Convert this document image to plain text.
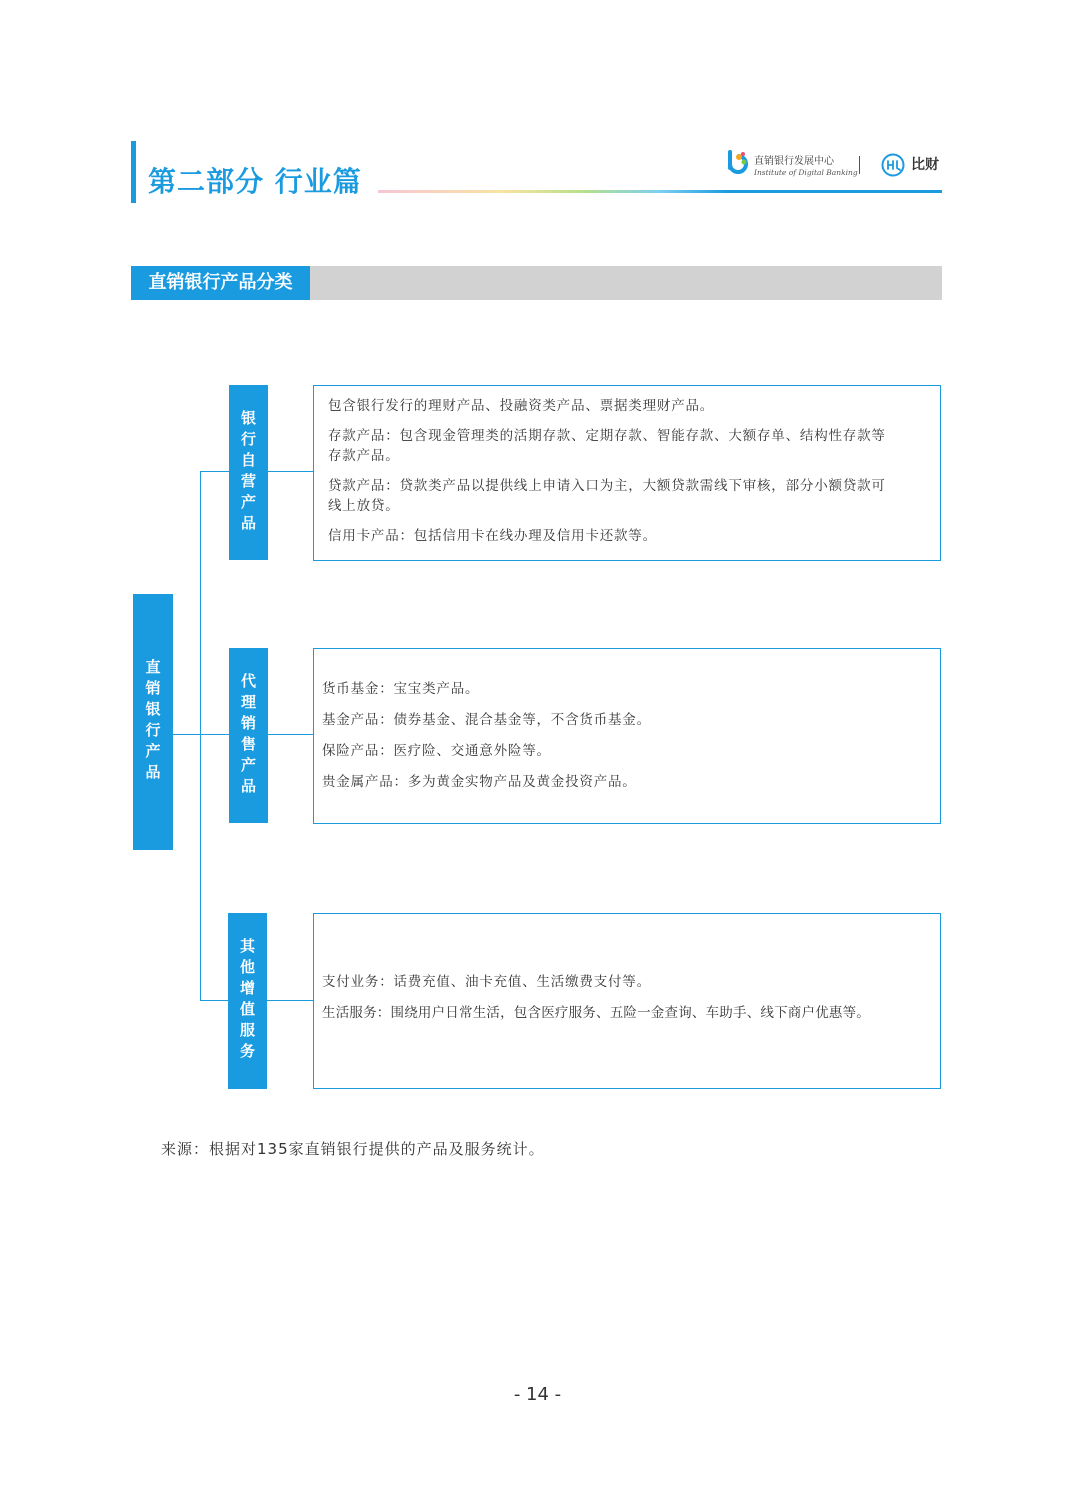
第二部分 行业篇
直销银行发展中心
Institute of Digital Banking	比财
直销银行产品分类
直销银行产品
银行自营产品

包含银行发行的理财产品、投融资类产品、票据类理财产品。

存款产品：包含现金管理类的活期存款、定期存款、智能存款、大额存单、结构性存款等存款产品。

贷款产品：贷款类产品以提供线上申请入口为主，大额贷款需线下审核，部分小额贷款可线上放贷。

信用卡产品：包括信用卡在线办理及信用卡还款等。

代理销售产品	货币基金：宝宝类产品。

基金产品：债券基金、混合基金等，不含货币基金。

保险产品：医疗险、交通意外险等。

贵金属产品：多为黄金实物产品及黄金投资产品。

其他增值服务	支付业务：话费充值、油卡充值、生活缴费支付等。

生活服务：围绕用户日常生活，包含医疗服务、五险一金查询、车助手、线下商户优惠等。

来源：根据对135家直销银行提供的产品及服务统计。
- 14 -
